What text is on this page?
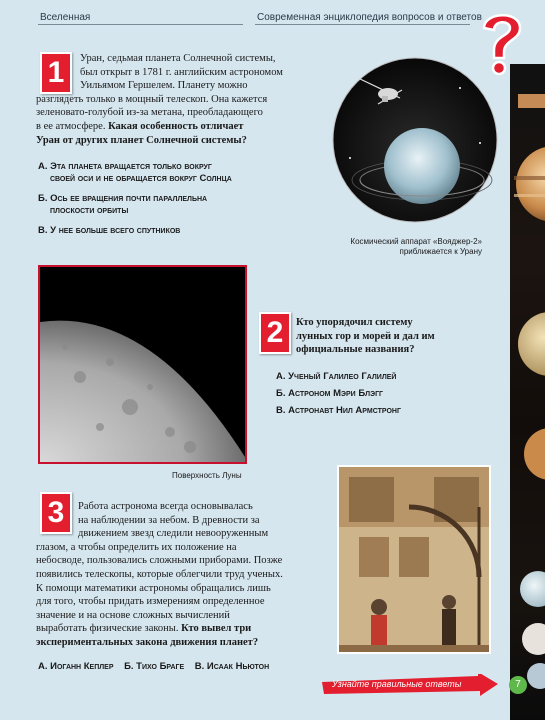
Вселенная	Современная энциклопедия вопросов и ответов
1	Уран, седьмая планета Солнечной системы,
был открыт в 1781 г. английским астрономом
Уильямом Гершелем. Планету можно
разглядеть только в мощный телескоп. Она кажется
зеленовато-голубой из-за метана, преобладающего
в ее атмосфере. Какая особенность отличает
Уран от других планет Солнечной системы?
А. Эта планета вращается только вокруг
своей оси и не обращается вокруг Солнца
Б. Ось ее вращения почти параллельна
плоскости орбиты
В. У нее больше всего спутников
Космический аппарат «Вояджер-2»
приближается к Урану
Поверхность Луны
2	Кто упорядочил систему
лунных гор и морей и дал им
официальные названия?
А. Ученый Галилео Галилей
Б. Астроном Мэри Блэгг
В. Астронавт Нил Армстронг
3	Работа астронома всегда основывалась
на наблюдении за небом. В древности за
движением звезд следили невооруженным
глазом, а чтобы определить их положение на
небосводе, пользовались сложными приборами. Позже
появились телескопы, которые облегчили труд ученых.
К помощи математики астрономы обращались лишь
для того, чтобы придать измерениям определенное
значение и на основе сложных вычислений
выработать физические законы. Кто вывел три
экспериментальных закона движения планет?
А. Иоганн Кеплер Б. Тихо Браге В. Исаак Ньютон
Узнайте правильные ответы	7
